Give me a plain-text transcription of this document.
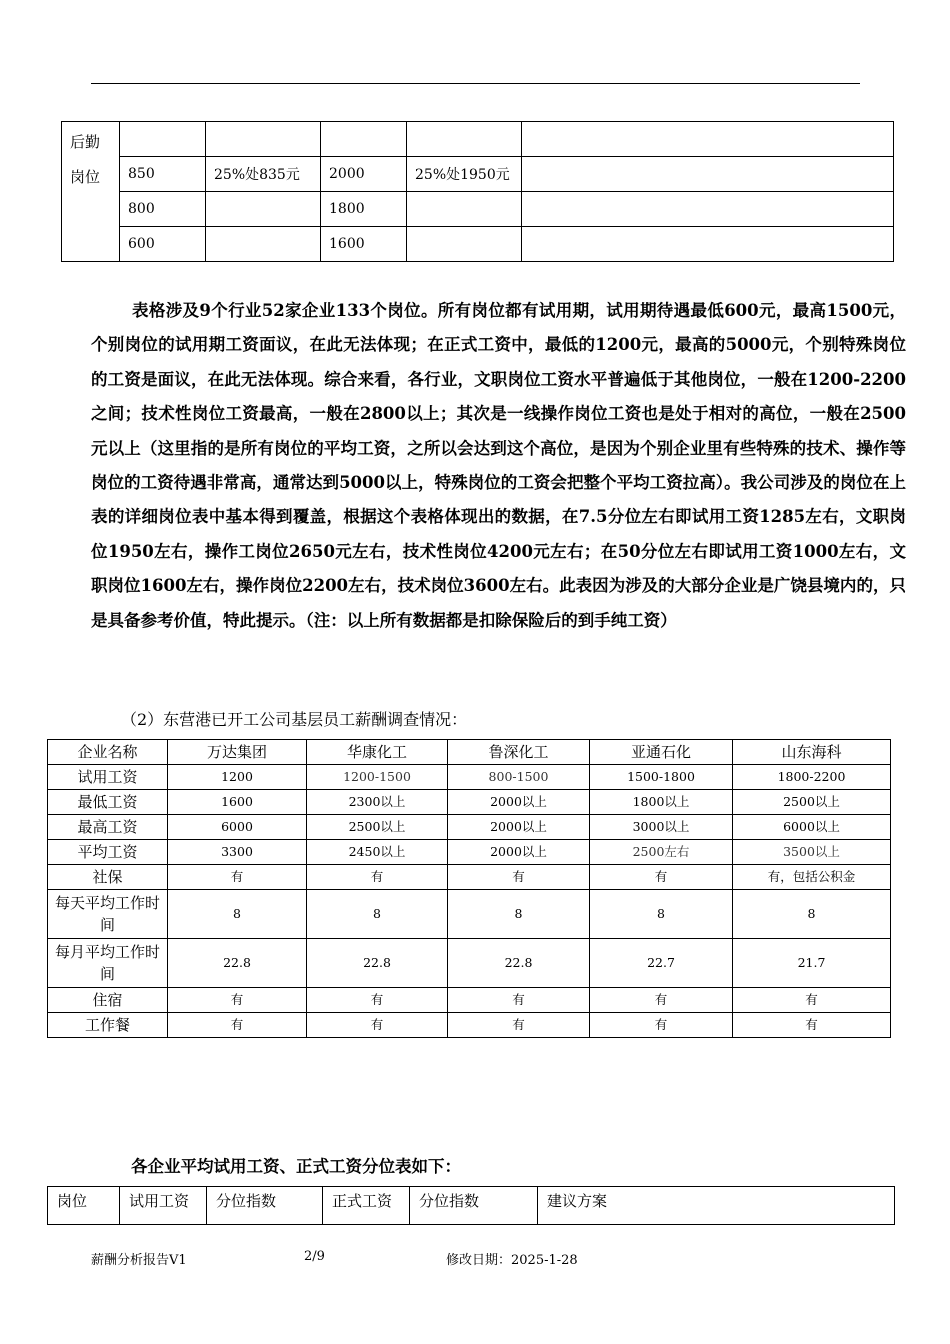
后勤
岗位					

	850	25%处835元	2000	25%处1950元	
	800		1800		
	600		1600		

表格涉及9个行业52家企业133个岗位。所有岗位都有试用期，试用期待遇最低600元，最高1500元，个别岗位的试用期工资面议，在此无法体现；在正式工资中，最低的1200元，最高的5000元，个别特殊岗位的工资是面议，在此无法体现。综合来看，各行业，文职岗位工资水平普遍低于其他岗位，一般在1200-2200之间；技术性岗位工资最高，一般在2800以上；其次是一线操作岗位工资也是处于相对的高位，一般在2500元以上（这里指的是所有岗位的平均工资，之所以会达到这个高位，是因为个别企业里有些特殊的技术、操作等岗位的工资待遇非常高，通常达到5000以上，特殊岗位的工资会把整个平均工资拉高）。我公司涉及的岗位在上表的详细岗位表中基本得到覆盖，根据这个表格体现出的数据，在7.5分位左右即试用工资1285左右，文职岗位1950左右，操作工岗位2650元左右，技术性岗位4200元左右；在50分位左右即试用工资1000左右，文职岗位1600左右，操作岗位2200左右，技术岗位3600左右。此表因为涉及的大部分企业是广饶县境内的，只是具备参考价值，特此提示。（注：以上所有数据都是扣除保险后的到手纯工资）

（2）东营港已开工公司基层员工薪酬调查情况：

企业名称	万达集团	华康化工	鲁深化工	亚通石化	山东海科
试用工资	1200	1200-1500	800-1500	1500-1800	1800-2200
最低工资	1600	2300以上	2000以上	1800以上	2500以上
最高工资	6000	2500以上	2000以上	3000以上	6000以上
平均工资	3300	2450以上	2000以上	2500左右	3500以上
社保	有	有	有	有	有，包括公积金
每天平均工作时间	8	8	8	8	8
每月平均工作时间	22.8	22.8	22.8	22.7	21.7
住宿	有	有	有	有	有
工作餐	有	有	有	有	有

各企业平均试用工资、正式工资分位表如下：

岗位	试用工资	分位指数	正式工资	分位指数	建议方案
薪酬分析报告V1	2/9	修改日期：2025-1-28
